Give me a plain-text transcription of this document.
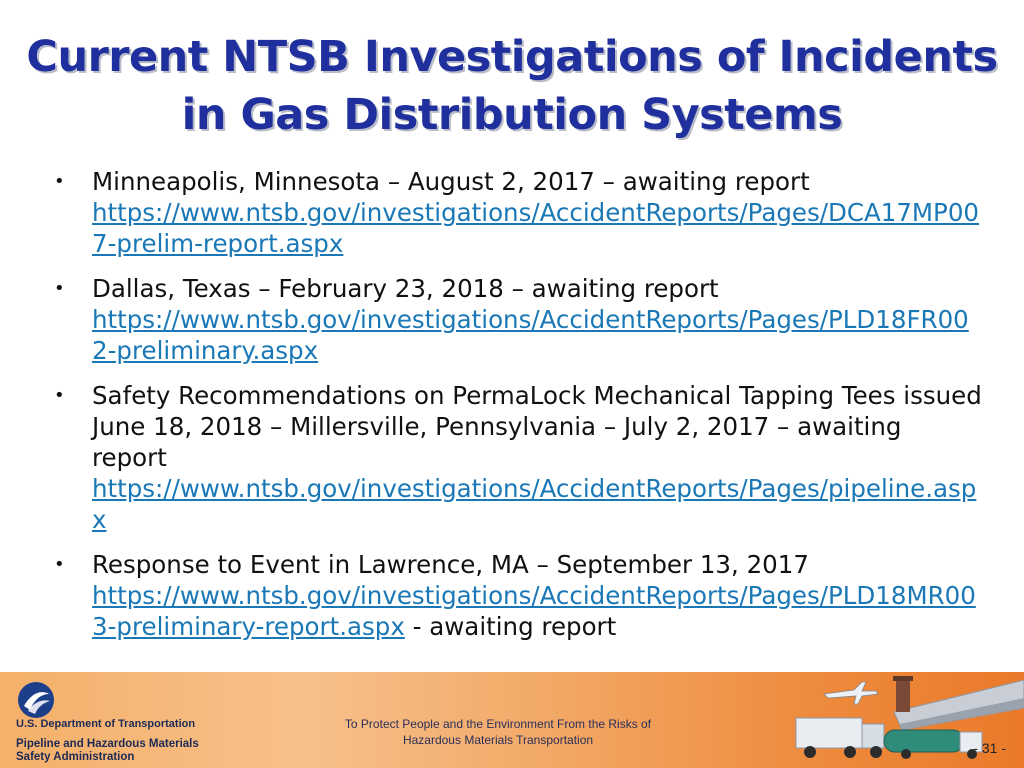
Current NTSB Investigations of Incidents in Gas Distribution Systems
• Minneapolis, Minnesota – August 2, 2017 – awaiting report
https://www.ntsb.gov/investigations/AccidentReports/Pages/DCA17MP007-prelim-report.aspx
• Dallas, Texas – February 23, 2018 – awaiting report
https://www.ntsb.gov/investigations/AccidentReports/Pages/PLD18FR002-preliminary.aspx
• Safety Recommendations on PermaLock Mechanical Tapping Tees issued June 18, 2018 – Millersville, Pennsylvania – July 2, 2017 – awaiting report
https://www.ntsb.gov/investigations/AccidentReports/Pages/pipeline.aspx
• Response to Event in Lawrence, MA – September 13, 2017
https://www.ntsb.gov/investigations/AccidentReports/Pages/PLD18MR003-preliminary-report.aspx - awaiting report
U.S. Department of Transportation
Pipeline and Hazardous Materials Safety Administration
To Protect People and the Environment From the Risks of
Hazardous Materials Transportation	- 31 -
